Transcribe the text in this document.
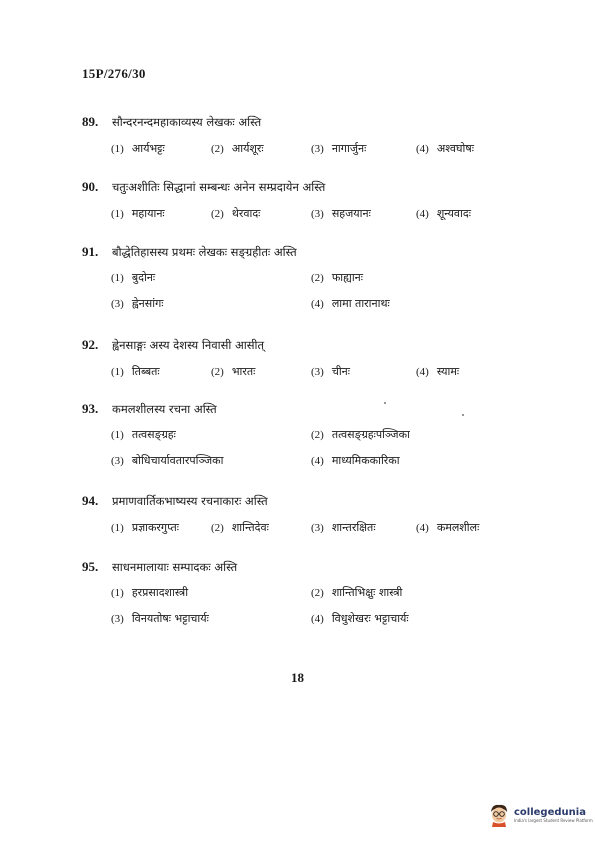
15P/276/30
89. सौन्दरनन्दमहाकाव्यस्य लेखकः अस्ति
(1) आर्यभट्टः	(2) आर्यशूरः	(3) नागार्जुनः	(4) अश्वघोषः
90. चतुःअशीतिः सिद्धानां सम्बन्धः अनेन सम्प्रदायेन अस्ति
(1) महायानः	(2) थेरवादः	(3) सहजयानः	(4) शून्यवादः
91. बौद्धेतिहासस्य प्रथमः लेखकः सङ्ग्रहीतः अस्ति
(1) बुदोनः	(2) फाह्यानः
(3) ह्वेनसांगः	(4) लामा तारानाथः
92. ह्वेनसाङ्गः अस्य देशस्य निवासी आसीत्
(1) तिब्बतः	(2) भारतः	(3) चीनः	(4) स्यामः
93. कमलशीलस्य रचना अस्ति
(1) तत्वसङ्ग्रहः	(2) तत्वसङ्ग्रहःपञ्जिका
(3) बोधिचार्यावतारपञ्जिका	(4) माध्यमिककारिका
94. प्रमाणवार्तिकभाष्यस्य रचनाकारः अस्ति
(1) प्रज्ञाकरगुप्तः	(2) शान्तिदेवः	(3) शान्तरक्षितः	(4) कमलशीलः
95. साधनमालायाः सम्पादकः अस्ति
(1) हरप्रसादशास्त्री	(2) शान्तिभिक्षुः शास्त्री
(3) विनयतोषः भट्टाचार्यः	(4) विधुशेखरः भट्टाचार्यः
18
collegedunia
India's largest Student Review Platform
